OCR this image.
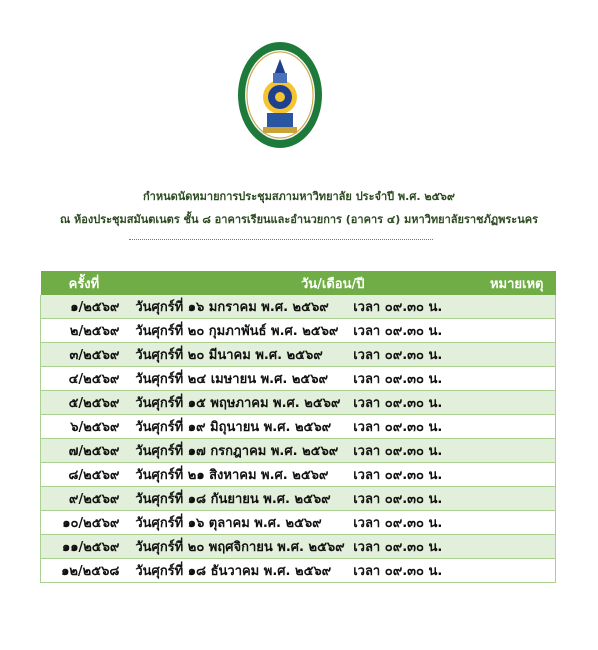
กำหนดนัดหมายการประชุมสภามหาวิทยาลัย ประจำปี พ.ศ. ๒๕๖๙
ณ ห้องประชุมสมันตเนตร ชั้น ๘ อาคารเรียนและอำนวยการ (อาคาร ๔) มหาวิทยาลัยราชภัฏพระนคร
ครั้งที่	วัน/เดือน/ปี		หมายเหตุ
๑/๒๕๖๙	วันศุกร์ที่ ๑๖ มกราคม พ.ศ. ๒๕๖๙	เวลา ๐๙.๓๐ น.	
๒/๒๕๖๙	วันศุกร์ที่ ๒๐ กุมภาพันธ์ พ.ศ. ๒๕๖๙	เวลา ๐๙.๓๐ น.	
๓/๒๕๖๙	วันศุกร์ที่ ๒๐ มีนาคม พ.ศ. ๒๕๖๙	เวลา ๐๙.๓๐ น.	
๔/๒๕๖๙	วันศุกร์ที่ ๒๔ เมษายน พ.ศ. ๒๕๖๙	เวลา ๐๙.๓๐ น.	
๕/๒๕๖๙	วันศุกร์ที่ ๑๕ พฤษภาคม พ.ศ. ๒๕๖๙	เวลา ๐๙.๓๐ น.	
๖/๒๕๖๙	วันศุกร์ที่ ๑๙ มิถุนายน พ.ศ. ๒๕๖๙	เวลา ๐๙.๓๐ น.	
๗/๒๕๖๙	วันศุกร์ที่ ๑๗ กรกฎาคม พ.ศ. ๒๕๖๙	เวลา ๐๙.๓๐ น.	
๘/๒๕๖๙	วันศุกร์ที่ ๒๑ สิงหาคม พ.ศ. ๒๕๖๙	เวลา ๐๙.๓๐ น.	
๙/๒๕๖๙	วันศุกร์ที่ ๑๘ กันยายน พ.ศ. ๒๕๖๙	เวลา ๐๙.๓๐ น.	
๑๐/๒๕๖๙	วันศุกร์ที่ ๑๖ ตุลาคม พ.ศ. ๒๕๖๙	เวลา ๐๙.๓๐ น.	
๑๑/๒๕๖๙	วันศุกร์ที่ ๒๐ พฤศจิกายน พ.ศ. ๒๕๖๙	เวลา ๐๙.๓๐ น.	
๑๒/๒๕๖๘	วันศุกร์ที่ ๑๘ ธันวาคม พ.ศ. ๒๕๖๙	เวลา ๐๙.๓๐ น.	
